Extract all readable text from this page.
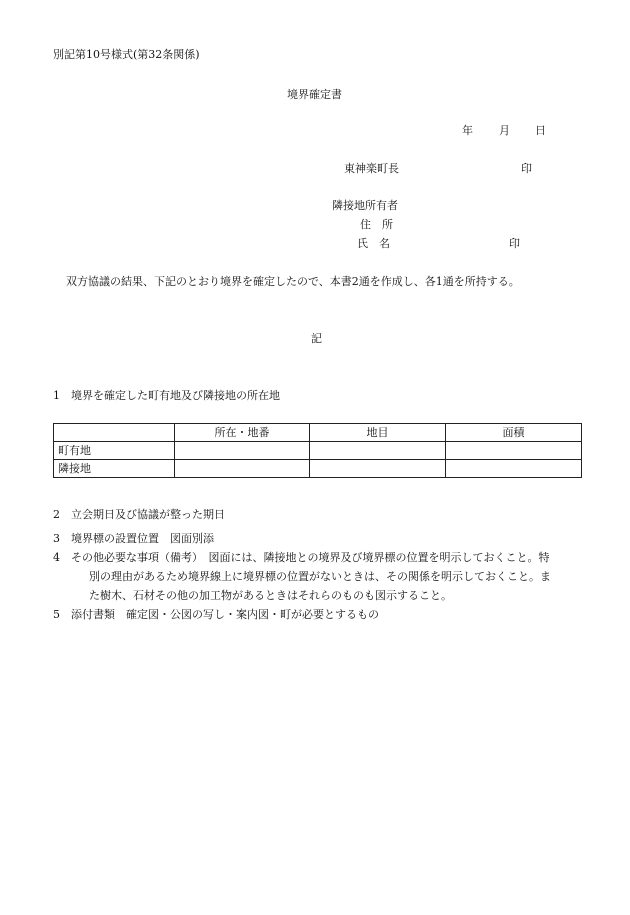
別記第10号様式(第32条関係)
境界確定書
年 月 日
東神楽町長	印
隣接地所有者
住　所
氏　名	印
双方協議の結果、下記のとおり境界を確定したので、本書2通を作成し、各1通を所持する。
記
1　境界を確定した町有地及び隣接地の所在地
	所在・地番	地目	面積
町有地			
隣接地			
2　立会期日及び協議が整った期日
3　境界標の設置位置　図面別添
4　その他必要な事項（備考）　図面には、隣接地との境界及び境界標の位置を明示しておくこと。特
別の理由があるため境界線上に境界標の位置がないときは、その関係を明示しておくこと。ま
た樹木、石材その他の加工物があるときはそれらのものも図示すること。
5　添付書類　確定図・公図の写し・案内図・町が必要とするもの
